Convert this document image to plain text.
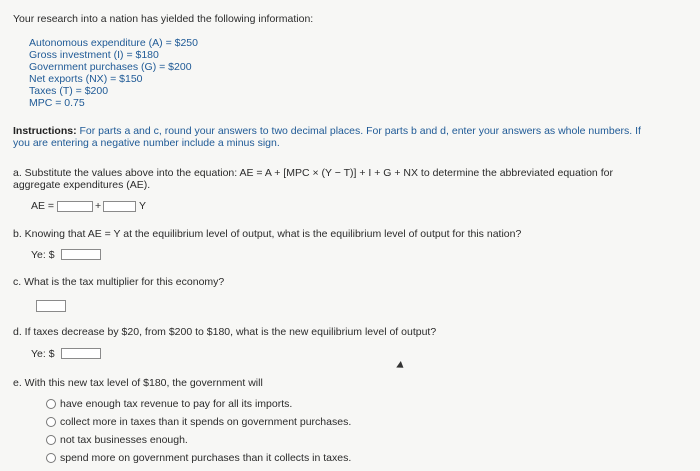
Your research into a nation has yielded the following information:
Autonomous expenditure (A) = $250
Gross investment (I) = $180
Government purchases (G) = $200
Net exports (NX) = $150
Taxes (T) = $200
MPC = 0.75
Instructions: For parts a and c, round your answers to two decimal places. For parts b and d, enter your answers as whole numbers. If
you are entering a negative number include a minus sign.
a. Substitute the values above into the equation: AE = A + [MPC × (Y − T)] + I + G + NX to determine the abbreviated equation for
aggregate expenditures (AE).
AE =	+	Y
b. Knowing that AE = Y at the equilibrium level of output, what is the equilibrium level of output for this nation?
Ye: $
c. What is the tax multiplier for this economy?
d. If taxes decrease by $20, from $200 to $180, what is the new equilibrium level of output?
Ye: $
e. With this new tax level of $180, the government will
have enough tax revenue to pay for all its imports.
collect more in taxes than it spends on government purchases.
not tax businesses enough.
spend more on government purchases than it collects in taxes.
